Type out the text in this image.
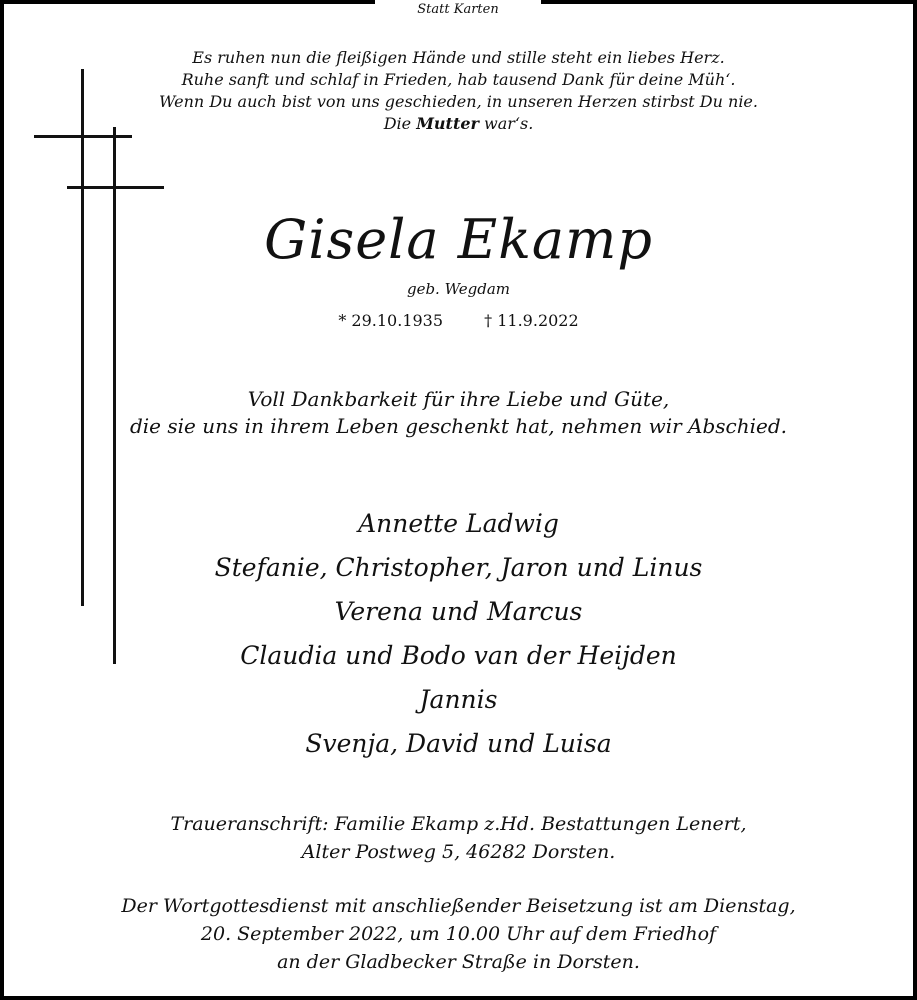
Statt Karten
Es ruhen nun die fleißigen Hände und stille steht ein liebes Herz.
Ruhe sanft und schlaf in Frieden, hab tausend Dank für deine Müh‘.
Wenn Du auch bist von uns geschieden, in unseren Herzen stirbst Du nie.
Die Mutter war‘s.
Gisela Ekamp
geb. Wegdam
* 29.10.1935	† 11.9.2022
Voll Dankbarkeit für ihre Liebe und Güte,
die sie uns in ihrem Leben geschenkt hat, nehmen wir Abschied.
Annette Ladwig
Stefanie, Christopher, Jaron und Linus
Verena und Marcus
Claudia und Bodo van der Heijden
Jannis
Svenja, David und Luisa
Traueranschrift: Familie Ekamp z.Hd. Bestattungen Lenert,
Alter Postweg 5, 46282 Dorsten.
Der Wortgottesdienst mit anschließender Beisetzung ist am Dienstag,
20. September 2022, um 10.00 Uhr auf dem Friedhof
an der Gladbecker Straße in Dorsten.
